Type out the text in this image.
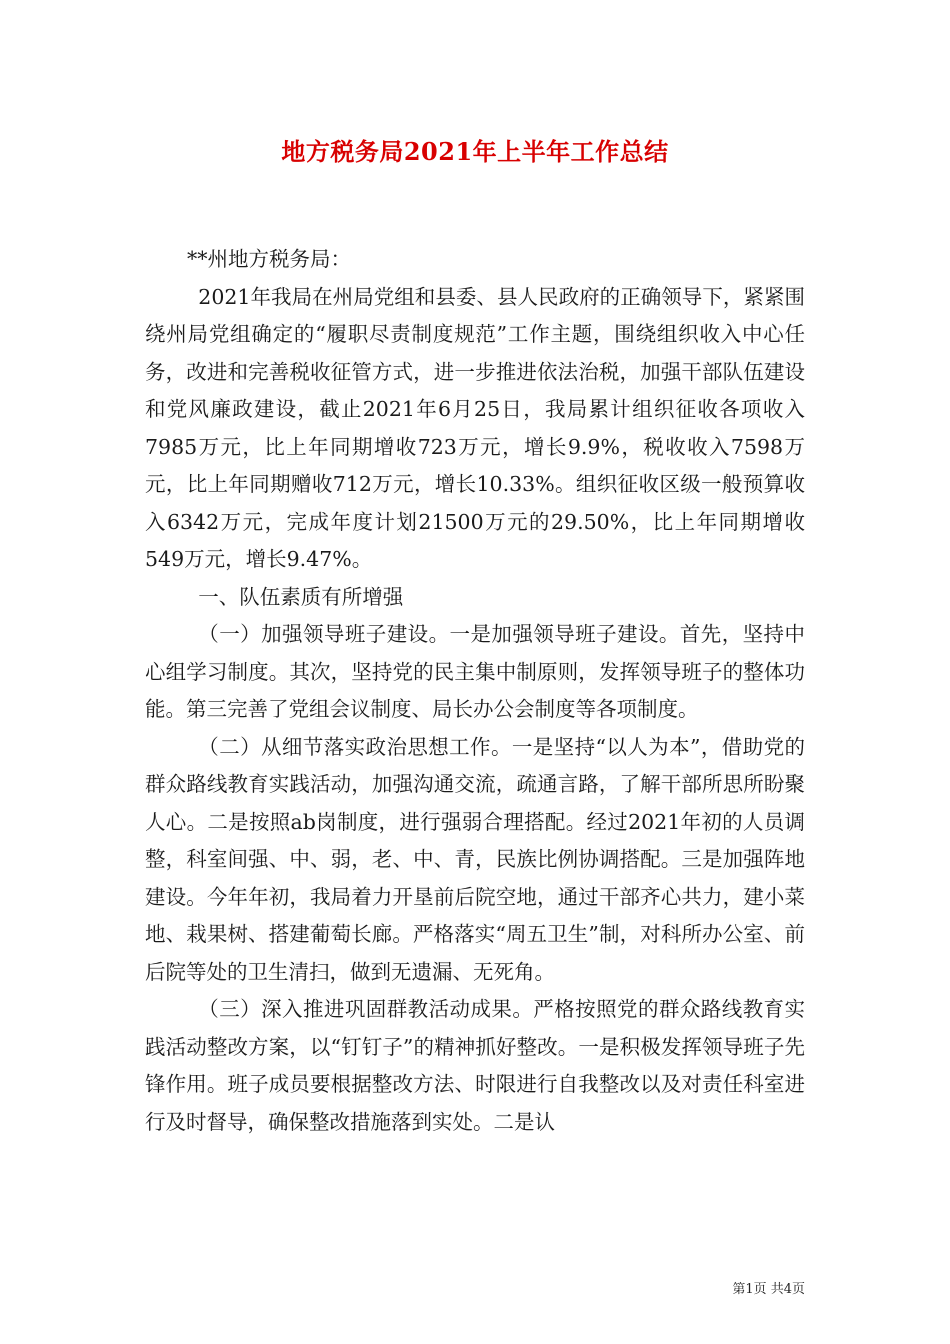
地方税务局2021年上半年工作总结

**州地方税务局：

2021年我局在州局党组和县委、县人民政府的正确领导下，紧紧围绕州局党组确定的“履职尽责制度规范”工作主题，围绕组织收入中心任务，改进和完善税收征管方式，进一步推进依法治税，加强干部队伍建设和党风廉政建设，截止2021年6月25日，我局累计组织征收各项收入7985万元，比上年同期增收723万元，增长9.9%，税收收入7598万元，比上年同期赠收712万元，增长10.33%。组织征收区级一般预算收入6342万元，完成年度计划21500万元的29.50%，比上年同期增收549万元，增长9.47%。

一、队伍素质有所增强

（一）加强领导班子建设。一是加强领导班子建设。首先，坚持中心组学习制度。其次，坚持党的民主集中制原则，发挥领导班子的整体功能。第三完善了党组会议制度、局长办公会制度等各项制度。

（二）从细节落实政治思想工作。一是坚持“以人为本”，借助党的群众路线教育实践活动，加强沟通交流，疏通言路，了解干部所思所盼聚人心。二是按照ab岗制度，进行强弱合理搭配。经过2021年初的人员调整，科室间强、中、弱，老、中、青，民族比例协调搭配。三是加强阵地建设。今年年初，我局着力开垦前后院空地，通过干部齐心共力，建小菜地、栽果树、搭建葡萄长廊。严格落实“周五卫生”制，对科所办公室、前后院等处的卫生清扫，做到无遗漏、无死角。

（三）深入推进巩固群教活动成果。严格按照党的群众路线教育实践活动整改方案，以“钉钉子”的精神抓好整改。一是积极发挥领导班子先锋作用。班子成员要根据整改方法、时限进行自我整改以及对责任科室进行及时督导，确保整改措施落到实处。二是认

第1页 共4页
